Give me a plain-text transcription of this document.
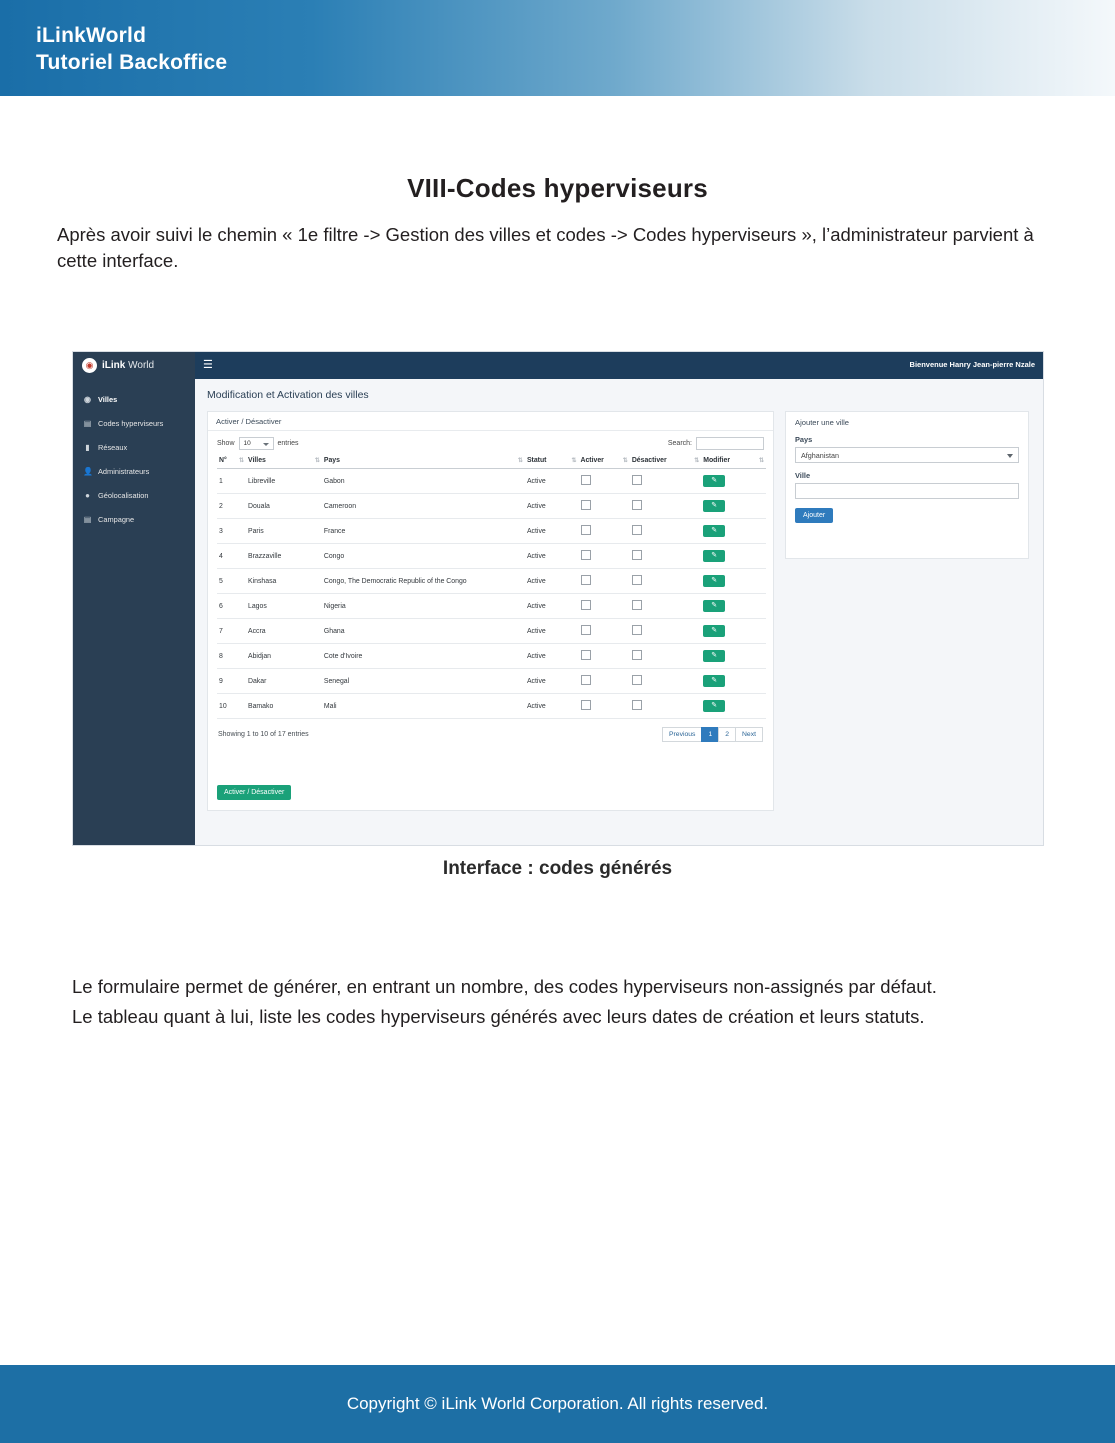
iLinkWorld
Tutoriel Backoffice
VIII-Codes hyperviseurs
Après avoir suivi le chemin « 1e filtre -> Gestion des villes et codes -> Codes hyperviseurs », l’administrateur parvient à cette interface.
◉ iLink World	☰	Bienvenue Hanry Jean-pierre Nzale
◉ Villes
▤ Codes hyperviseurs
▮	Réseaux
👤 Administrateurs
● Géolocalisation
▤ Campagne
Modification et Activation des villes
Activer / Désactiver
Show	10	entries	Search:
N° ⇅	Villes ⇅	Pays ⇅	Statut ⇅	Activer ⇅	Désactiver ⇅	Modifier ⇅

1	Libreville	Gabon	Active			✎
2	Douala	Cameroon	Active			✎
3	Paris	France	Active			✎
4	Brazzaville	Congo	Active			✎
5	Kinshasa	Congo, The Democratic Republic of the Congo	Active			✎
6	Lagos	Nigeria	Active			✎
7	Accra	Ghana	Active			✎
8	Abidjan	Cote d'Ivoire	Active			✎
9	Dakar	Senegal	Active			✎
10	Bamako	Mali	Active			✎
Showing 1 to 10 of 17 entries	Previous	1	2	Next
Activer / Désactiver
Ajouter une ville
Pays
Afghanistan
Ville
Ajouter
Interface : codes générés
Le formulaire permet de générer, en entrant un nombre, des codes hyperviseurs non-assignés par défaut.
Le tableau quant à lui, liste les codes hyperviseurs générés avec leurs dates de création et leurs statuts.
Copyright © iLink World Corporation. All rights reserved.
